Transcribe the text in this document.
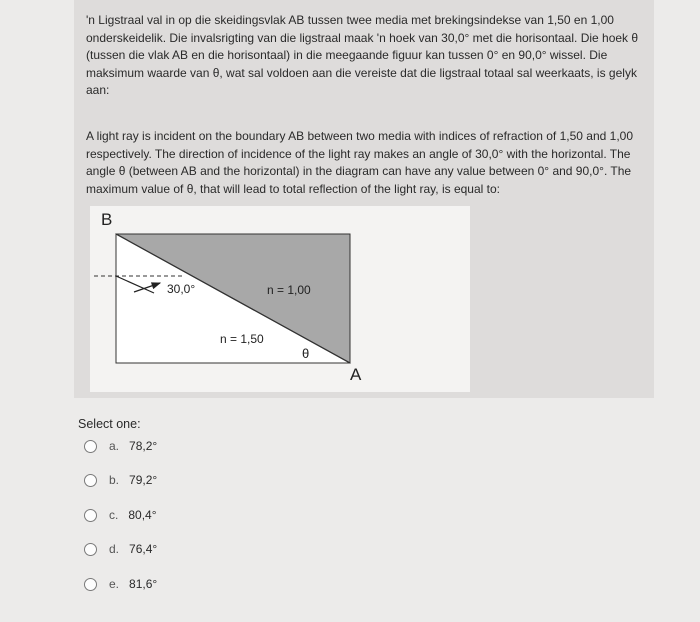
'n Ligstraal val in op die skeidingsvlak AB tussen twee media met brekingsindekse van 1,50 en 1,00 onderskeidelik. Die invalsrigting van die ligstraal maak 'n hoek van 30,0° met die horisontaal. Die hoek θ (tussen die vlak AB en die horisontaal) in die meegaande figuur kan tussen 0° en 90,0° wissel. Die maksimum waarde van θ, wat sal voldoen aan die vereiste dat die ligstraal totaal sal weerkaats, is gelyk aan:

A light ray is incident on the boundary AB between two media with indices of refraction of 1,50 and 1,00 respectively. The direction of incidence of the light ray makes an angle of 30,0° with the horizontal. The angle θ (between AB and the horizontal) in the diagram can have any value between 0° and 90,0°. The maximum value of θ, that will lead to total reflection of the light ray, is equal to:

B
A
30,0°	n = 1,00
n = 1,50
θ
Select one:
a. 78,2°
b. 79,2°
c. 80,4°
d. 76,4°
e. 81,6°
